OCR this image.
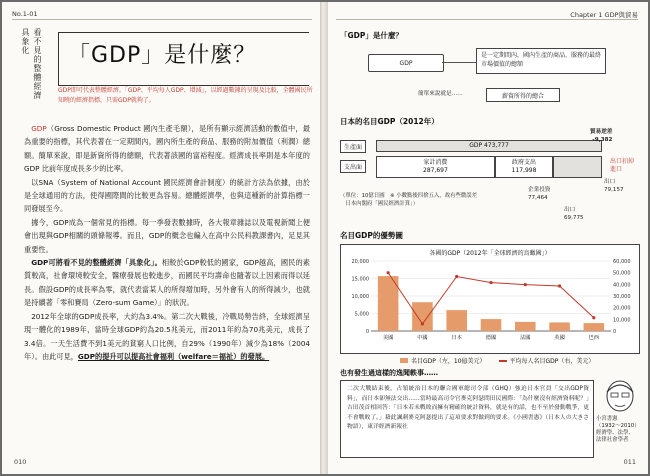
No.1-01
看不見的整體經濟
具象化
「GDP」是什麼？
GDP即可代表整體經濟。「GDP、平均每人GDP、增減」，以經過數據的呈現及比較，全體國民所知曉的經濟指標，只需GDP就夠了。

GDP（Gross Domestic Product 國內生產毛額），是所有顯示經濟活動的數值中，最為重要的指標，其代表著在一定期間內，國內所生產的商品、服務的附加價值（利潤）總額。簡單來說，即是新資所得的總額，代表著該國的富裕程度。經濟成長率則是本年度的 GDP 比前年度成長多少的比率。

以SNA（System of National Account 國民經濟會計制度）的統計方法為依據，由於是全球通用的方法，使得國際間的比較更為容易。總體經濟學，也與這種新的計算指標一同發展至今。

據今，GDP成為一個常見的指標。每一季發表數據時，各大報章雜誌以及電視新聞上便會出現與GDP相關的頭條報導。而且，GDP的概念也編入在高中公民科教課書內，足見其重要性。

GDP可將看不見的整體經濟「具象化」。相較於GDP較低的國家，GDP越高，國民的素質較高，社會環境較安全，醫療發展也較進步，而國民平均壽命也隨著以上因素而得以延長。假設GDP的成長率為零，就代表當某人的所得增加時，另外會有人的所得減少，也就是持續著「零和賽局（Zero-sum Game）」的狀況。

2012年全球的GDP成長率，大約為3.4%。第二次大戰後，冷戰局勢告終，全球經濟呈現一體化的1989年，當時全球GDP約為20.5兆美元，而2011年約為70兆美元，成長了3.4倍。一天生活費不到1美元的貧窮人口比例，自29%（1990年）減少為18%（2004年）。由此可見，GDP的提升可以提高社會福利（welfare＝福祉）的發展。

010
Chapter 1 GDP與貿易
「GDP」是什麼？
GDP
是一定期間內，國內生產的商品、服務的最終市場價值的總額
簡單來說就是……	薪資所得的總合
日本的名目GDP（2012年）
生產面
支出面
GDP 473,777
家計消費
287,697
政府支出
117,998
貿易逆差
-9,382
出口扣掉
進口
出口
79,157
企業投資
77,464
出口
69,775
（單位：10億日圓　※ 小數點後四捨五入，故有些微誤差
　日本內閣府「國民經濟計算」）
名目GDP的優勢圖
各國的GDP（2012年「全球經濟的鳥瞰國」）
0
5,000
10,000
15,000
20,000
0
10,000
20,000
30,000
40,000
50,000
60,000
美國	中國	日本	德國	法國	英國	巴西
名目GDP（左，10億美元）	平均每人名目GDP（右，美元）
也有發生過這樣的逸聞軼事……
二次大戰結束後，占領統治日本的聯合國軍總司令部（GHQ）強迫日本官員「交出GDP資料」，而日本卻無法交出……當時最高司令官麥克阿瑟問田民國際：「為什麼沒有經濟資料呢？」吉田茂首相回答：「日本若未戰敗而擁有精確的統計資料，就是有的話，也不至於發動戰爭，更不會戰敗了。」藉此諷刺麥克阿瑟提出了這項要求對做到的要求。《小國書憲》（日本人の大きさ物語），東洋經濟新報社
小宮書憲
（1932～2010）
經濟學、法學、
法律社會學者
011
